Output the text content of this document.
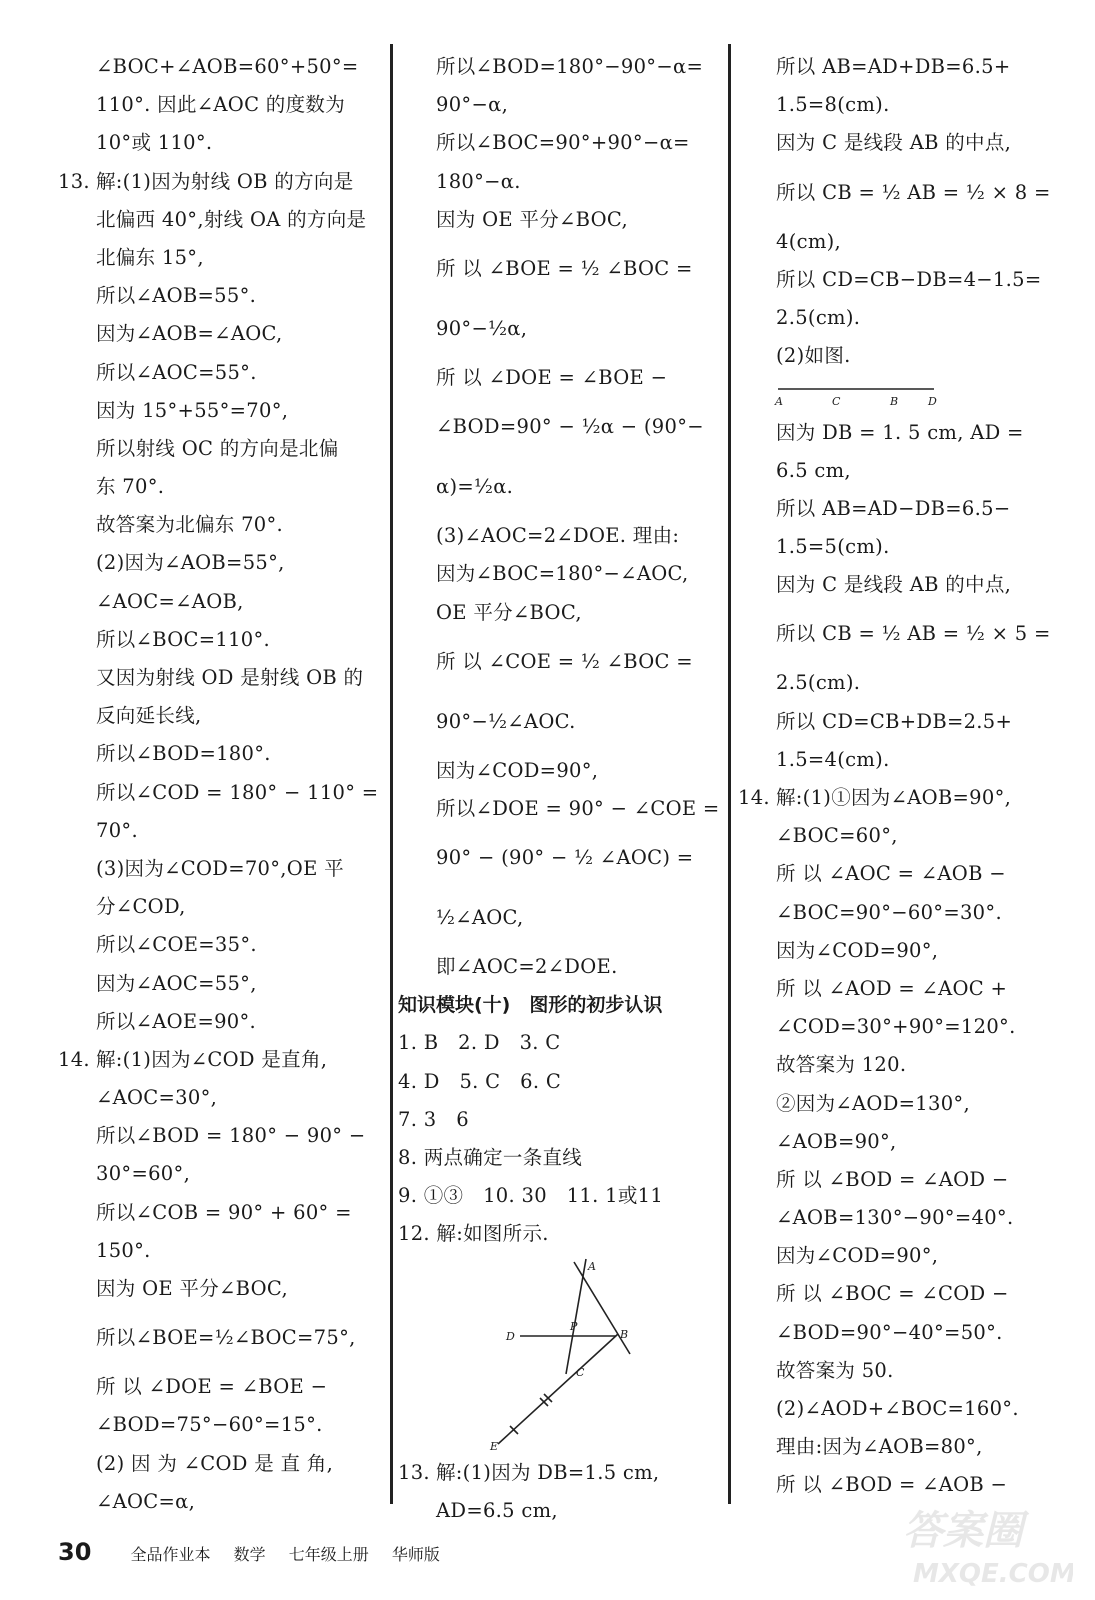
∠BOC+∠AOB=60°+50°=
110°. 因此∠AOC 的度数为
10°或 110°.
13. 解:(1)因为射线 OB 的方向是
北偏西 40°,射线 OA 的方向是
北偏东 15°,
所以∠AOB=55°.
因为∠AOB=∠AOC,
所以∠AOC=55°.
因为 15°+55°=70°,
所以射线 OC 的方向是北偏
东 70°.
故答案为北偏东 70°.
(2)因为∠AOB=55°,
∠AOC=∠AOB,
所以∠BOC=110°.
又因为射线 OD 是射线 OB 的
反向延长线,
所以∠BOD=180°.
所以∠COD = 180° − 110° =
70°.
(3)因为∠COD=70°,OE 平
分∠COD,
所以∠COE=35°.
因为∠AOC=55°,
所以∠AOE=90°.
14. 解:(1)因为∠COD 是直角,
∠AOC=30°,
所以∠BOD = 180° − 90° −
30°=60°,
所以∠COB = 90° + 60° =
150°.
因为 OE 平分∠BOC,
所以∠BOE=½∠BOC=75°,
所 以 ∠DOE = ∠BOE −
∠BOD=75°−60°=15°.
(2) 因 为 ∠COD 是 直 角,
∠AOC=α,
所以∠BOD=180°−90°−α=
90°−α,
所以∠BOC=90°+90°−α=
180°−α.
因为 OE 平分∠BOC,
所 以 ∠BOE = ½ ∠BOC =
90°−½α,
所 以 ∠DOE = ∠BOE −
∠BOD=90° − ½α − (90°−
α)=½α.
(3)∠AOC=2∠DOE. 理由:
因为∠BOC=180°−∠AOC,
OE 平分∠BOC,
所 以 ∠COE = ½ ∠BOC =
90°−½∠AOC.
因为∠COD=90°,
所以∠DOE = 90° − ∠COE =
90° − (90° − ½ ∠AOC) =
½∠AOC,
即∠AOC=2∠DOE.
知识模块(十)　图形的初步认识
1. B　2. D　3. C
4. D　5. C　6. C
7. 3　6
8. 两点确定一条直线
9. ①③　10. 30　11. 1或11
12. 解:如图所示.
A
P
B
D
C
E
13. 解:(1)因为 DB=1.5 cm,
AD=6.5 cm,
所以 AB=AD+DB=6.5+
1.5=8(cm).
因为 C 是线段 AB 的中点,
所以 CB = ½ AB = ½ × 8 =
4(cm),
所以 CD=CB−DB=4−1.5=
2.5(cm).
(2)如图.
A	C	B	D
因为 DB = 1. 5 cm, AD =
6.5 cm,
所以 AB=AD−DB=6.5−
1.5=5(cm).
因为 C 是线段 AB 的中点,
所以 CB = ½ AB = ½ × 5 =
2.5(cm).
所以 CD=CB+DB=2.5+
1.5=4(cm).
14. 解:(1)①因为∠AOB=90°,
∠BOC=60°,
所 以 ∠AOC = ∠AOB −
∠BOC=90°−60°=30°.
因为∠COD=90°,
所 以 ∠AOD = ∠AOC +
∠COD=30°+90°=120°.
故答案为 120.
②因为∠AOD=130°,
∠AOB=90°,
所 以 ∠BOD = ∠AOD −
∠AOB=130°−90°=40°.
因为∠COD=90°,
所 以 ∠BOC = ∠COD −
∠BOD=90°−40°=50°.
故答案为 50.
(2)∠AOD+∠BOC=160°.
理由:因为∠AOB=80°,
所 以 ∠BOD = ∠AOB −
30 全品作业本 数学 七年级上册 华师版
答案圈
MXQE.COM
